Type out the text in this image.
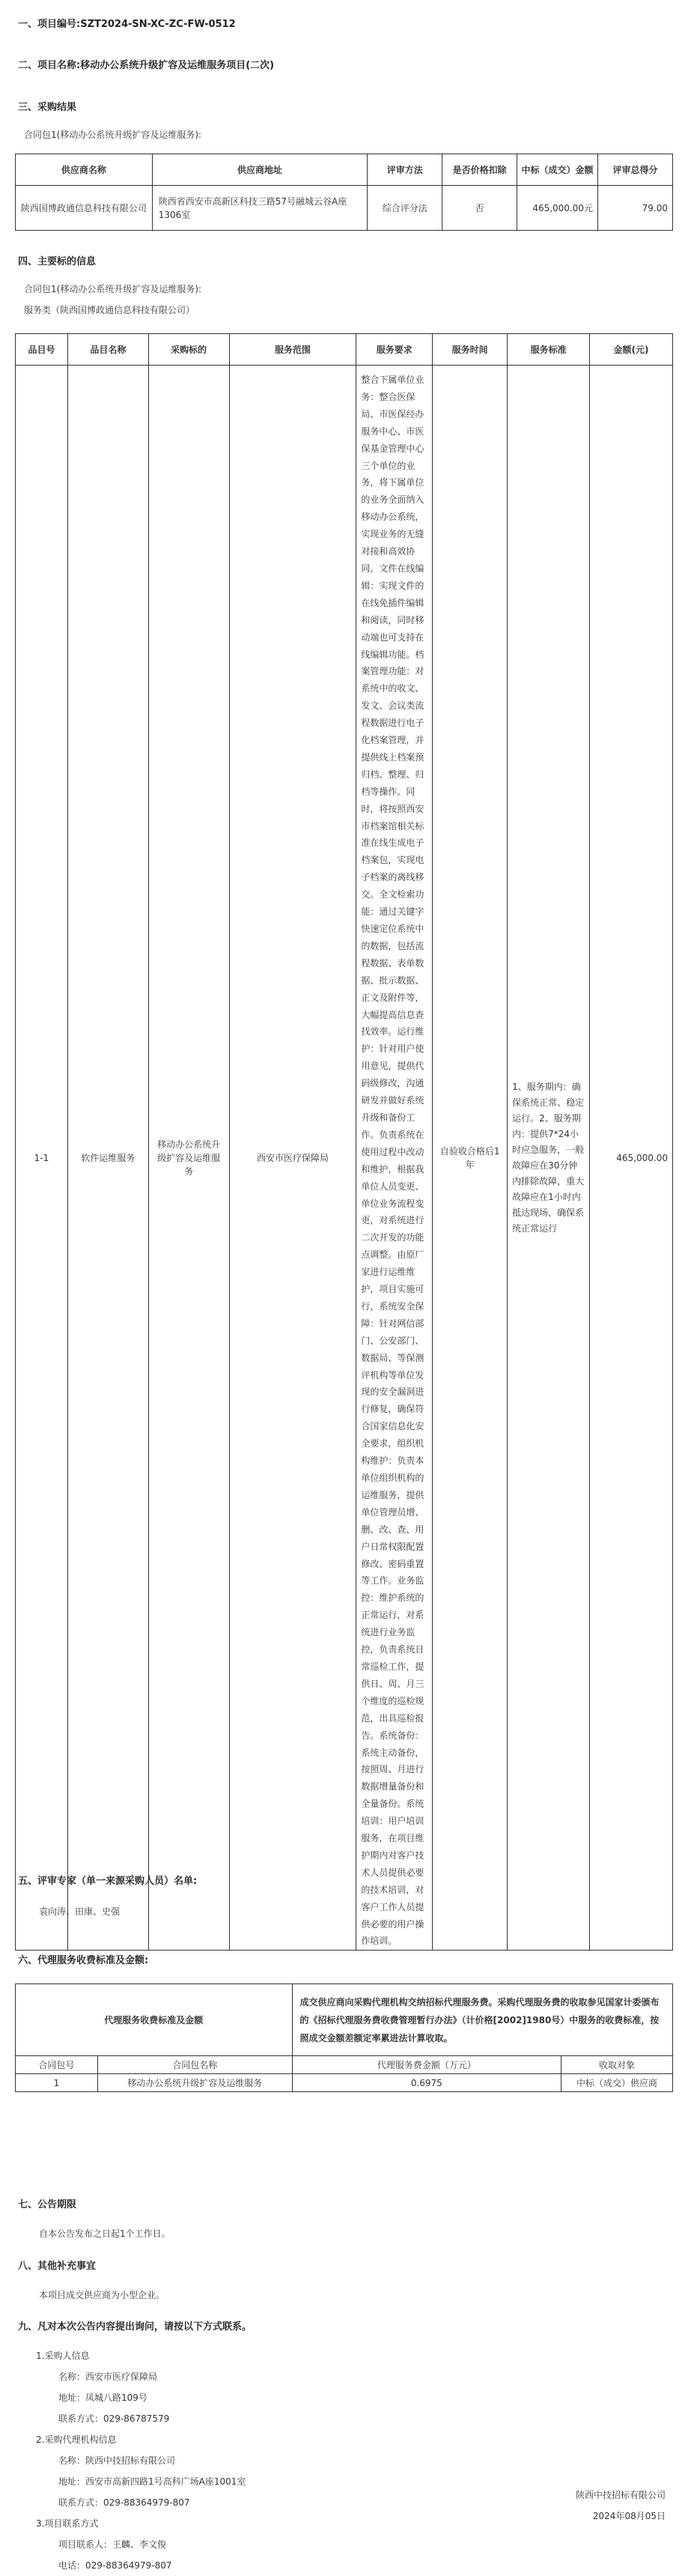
一、项目编号:SZT2024-SN-XC-ZC-FW-0512
二、项目名称:移动办公系统升级扩容及运维服务项目(二次)
三、采购结果
合同包1(移动办公系统升级扩容及运维服务):
供应商名称	供应商地址	评审方法	是否价格扣除	中标（成交）金额	评审总得分
陕西国博政通信息科技有限公司	陕西省西安市高新区科技三路57号融城云谷A座1306室	综合评分法	否	465,000.00元	79.00
四、主要标的信息
合同包1(移动办公系统升级扩容及运维服务):
服务类（陕西国博政通信息科技有限公司）
品目号	品目名称	采购标的	服务范围	服务要求	服务时间	服务标准	金额(元)
1-1	软件运维服务	移动办公系统升级扩容及运维服务	西安市医疗保障局	整合下属单位业务：整合医保局、市医保经办服务中心、市医保基金管理中心三个单位的业务，将下属单位的业务全面纳入移动办公系统，实现业务的无缝对接和高效协同。文件在线编辑：实现文件的在线免插件编辑和阅读，同时移动端也可支持在线编辑功能。档案管理功能：对系统中的收文、发文、会议类流程数据进行电子化档案管理，并提供线上档案预归档、整理、归档等操作。同时，将按照西安市档案馆相关标准在线生成电子档案包，实现电子档案的离线移交。全文检索功能：通过关键字快速定位系统中的数据，包括流程数据、表单数据、批示数据、正文及附件等，大幅提高信息查找效率。运行维护：针对用户使用意见，提供代码级修改，沟通研发并做好系统升级和备份工作。负责系统在使用过程中改动和维护，根据我单位人员变更、单位业务流程变更，对系统进行二次开发的功能点调整。由原厂家进行运维维护，项目实施可行，系统安全保障：针对网信部门、公安部门、数据局、等保测评机构等单位发现的安全漏洞进行修复，确保符合国家信息化安全要求，组织机构维护：负责本单位组织机构的运维服务，提供单位管理员增、删、改、查、用户日常权限配置修改、密码重置等工作。业务监控：维护系统的正常运行，对系统进行业务监控，负责系统日常巡检工作，提供日、周、月三个维度的巡检规范，出具巡检报告。系统备份：系统主动备份，按照周、月进行数据增量备份和全量备份。系统培训：用户培训服务，在项目维护期内对客户技术人员提供必要的技术培训，对客户工作人员提供必要的用户操作培训。	自验收合格后1年	1、服务期内：确保系统正常、稳定运行。2、服务期内：提供7*24小时应急服务，一般故障应在30分钟内排除故障，重大故障应在1小时内抵达现场，确保系统正常运行	465,000.00
五、评审专家（单一来源采购人员）名单:
袁向涛、田康、史强
六、代理服务收费标准及金额:
代理服务收费标准及金额		成交供应商向采购代理机构交纳招标代理服务费。采购代理服务费的收取参见国家计委颁布的《招标代理服务费收费管理暂行办法》（计价格[2002]1980号）中服务的收费标准，按照成交金额差额定率累进法计算收取。	
合同包号	合同包名称	代理服务费金额（万元）	收取对象
1	移动办公系统升级扩容及运维服务	0.6975	中标（成交）供应商
七、公告期限
自本公告发布之日起1个工作日。
八、其他补充事宜
本项目成交供应商为小型企业。
九、凡对本次公告内容提出询问，请按以下方式联系。
1.采购人信息
名称：西安市医疗保障局
地址：凤城八路109号
联系方式：029-86787579
2.采购代理机构信息
名称：陕西中技招标有限公司
地址：西安市高新四路1号高科广场A座1001室
联系方式：029-88364979-807
3.项目联系方式
项目联系人：王麟、李文俊
电话：029-88364979-807
陕西中技招标有限公司
2024年08月05日
